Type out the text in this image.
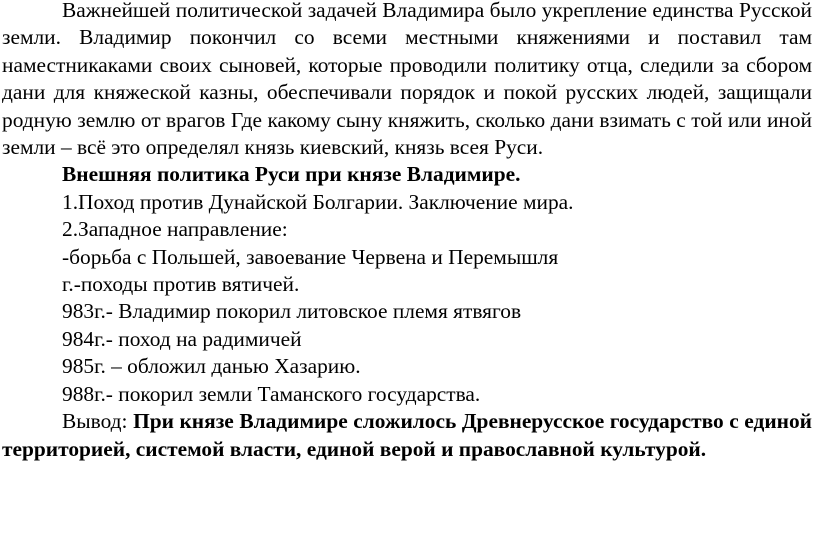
Важнейшей политической задачей Владимира было укрепление единства Русской земли. Владимир покончил со всеми местными княжениями и поставил там наместникаками своих сыновей, которые проводили политику отца, следили за сбором дани для княжеской казны, обеспечивали порядок и покой русских людей, защищали родную землю от врагов Где какому сыну княжить, сколько дани взимать с той или иной земли – всё это определял князь киевский, князь всея Руси.

Внешняя политика Руси при князе Владимире.

1.Поход против Дунайской Болгарии. Заключение мира.

2.Западное направление:

-борьба с Польшей, завоевание Червена и Перемышля

г.-походы против вятичей.

983г.- Владимир покорил литовское племя ятвягов

984г.- поход на радимичей

985г. – обложил данью Хазарию.

988г.- покорил земли Таманского государства.

Вывод: При князе Владимире сложилось Древнерусское государство с единой территорией, системой власти, единой верой и православной культурой.
